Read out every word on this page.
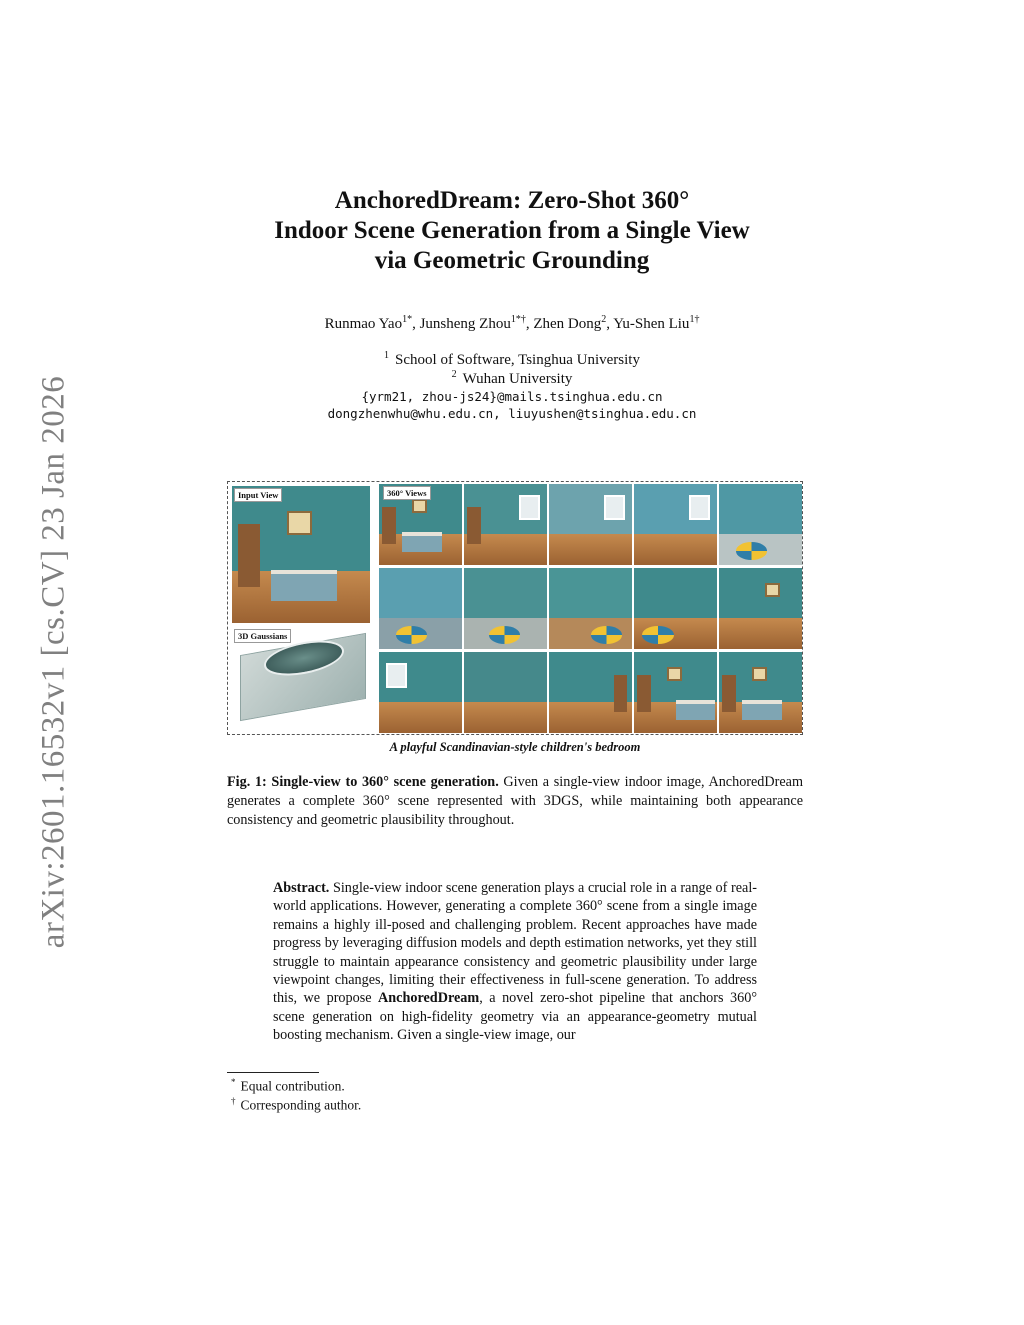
arXiv:2601.16532v1 [cs.CV] 23 Jan 2026
AnchoredDream: Zero-Shot 360°
Indoor Scene Generation from a Single View
via Geometric Grounding
Runmao Yao$^{1*}$, Junsheng Zhou$^{1*\dagger}$, Zhen Dong$^2$, Yu-Shen Liu$^{1\dagger}$
$^1$ School of Software, Tsinghua University
$^2$ Wuhan University
{yrm21, zhou-js24}@mails.tsinghua.edu.cn
dongzhenwhu@whu.edu.cn, liuyushen@tsinghua.edu.cn
Input View
3D Gaussians
360° Views
A playful Scandinavian-style children's bedroom
Fig. 1: Single-view to 360° scene generation. Given a single-view indoor image, AnchoredDream generates a complete 360° scene represented with 3DGS, while maintaining both appearance consistency and geometric plausibility throughout.
Abstract. Single-view indoor scene generation plays a crucial role in a range of real-world applications. However, generating a complete 360° scene from a single image remains a highly ill-posed and challenging problem. Recent approaches have made progress by leveraging diffusion models and depth estimation networks, yet they still struggle to maintain appearance consistency and geometric plausibility under large viewpoint changes, limiting their effectiveness in full-scene generation. To address this, we propose AnchoredDream, a novel zero-shot pipeline that anchors 360° scene generation on high-fidelity geometry via an appearance-geometry mutual boosting mechanism. Given a single-view image, our
* Equal contribution.
† Corresponding author.
